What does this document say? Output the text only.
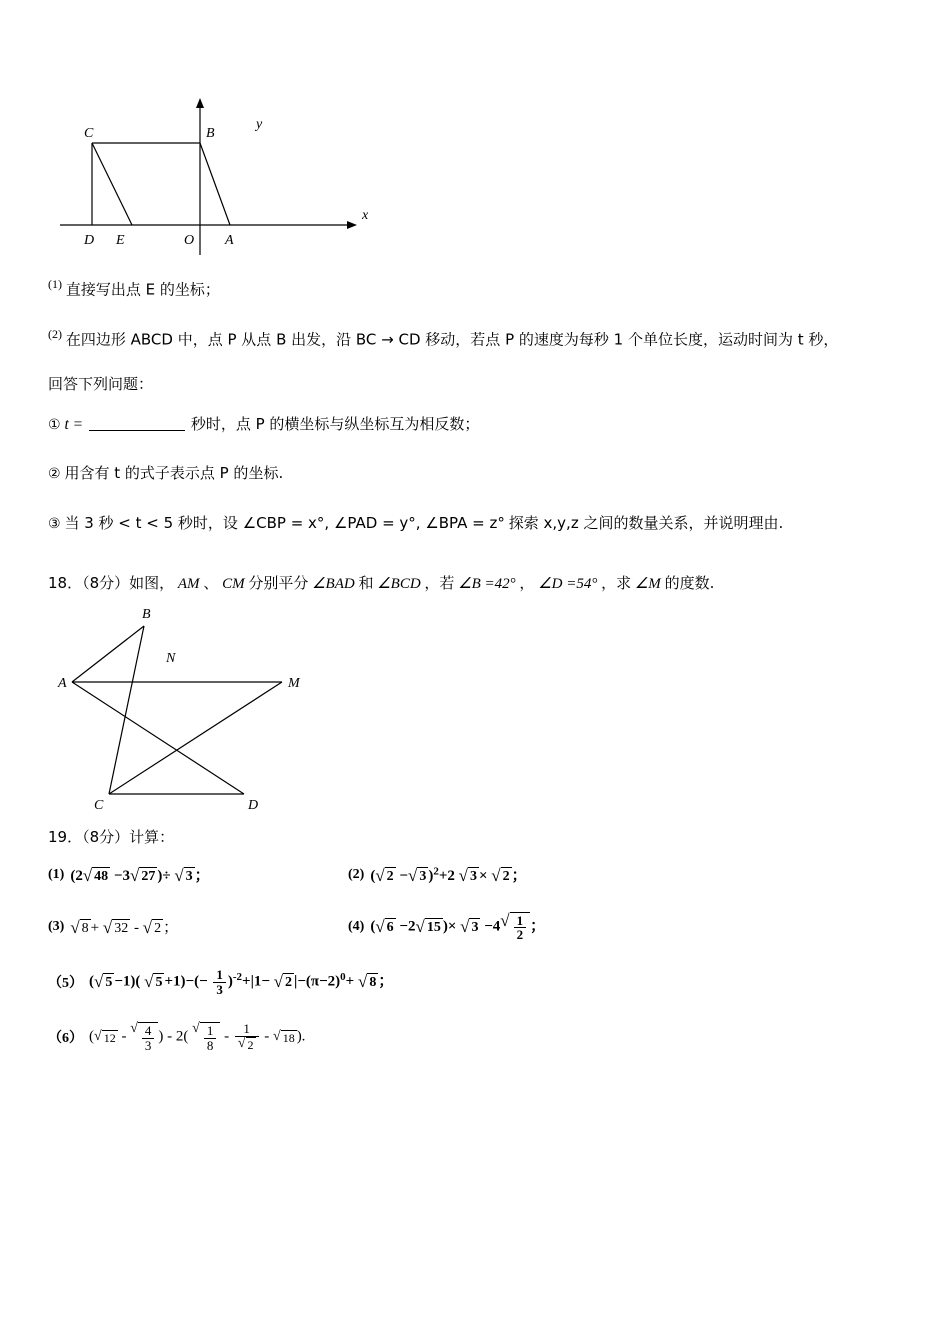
C	B
D E	O A
y
x

$^{(1)}$ 直接写出点 E 的坐标；

$^{(2)}$ 在四边形 ABCD 中，点 P 从点 B 出发，沿 BC → CD 移动，若点 P 的速度为每秒 1 个单位长度，运动时间为 t 秒，

回答下列问题：

① t =	秒时，点 P 的横坐标与纵坐标互为相反数；

② 用含有 t 的式子表示点 P 的坐标.

③ 当 3 秒 < t < 5 秒时，设 ∠CBP = x°, ∠PAD = y°, ∠BPA = z° 探索 x,y,z 之间的数量关系，并说明理由.

18．（8分）如图， AM 、 CM 分别平分 ∠BAD 和 ∠BCD ，若 ∠B =42° ， ∠D =54° ，求 ∠M 的度数.

A
B
N
M
C	D

19．（8分）计算：

(1) (2 √ 48 −3 √ 27 )÷ √ 3 ；	(2) ( √ 2 − √ 3 )$^2$+2 √ 3 × √ 2 ；
(3) √ 8 + √ 32 - √ 2 ；	(4) ( √ 6 −2 √ 15 )× √ 3 −4 √ $\frac{1}{2}$ ；
（5） ( √ 5 −1)( √ $5 +1)-(- \frac{1}{3} )^{-2}+|1-$ √ 2 $|-(\pi-2)^0+$ √ 8 ；
（6） ( √ 12 -
√ $\frac{4}{3}$ ) - 2(
√ $\frac{1}{8} - \frac{1}{√ 2}$ - √ 18 ).
